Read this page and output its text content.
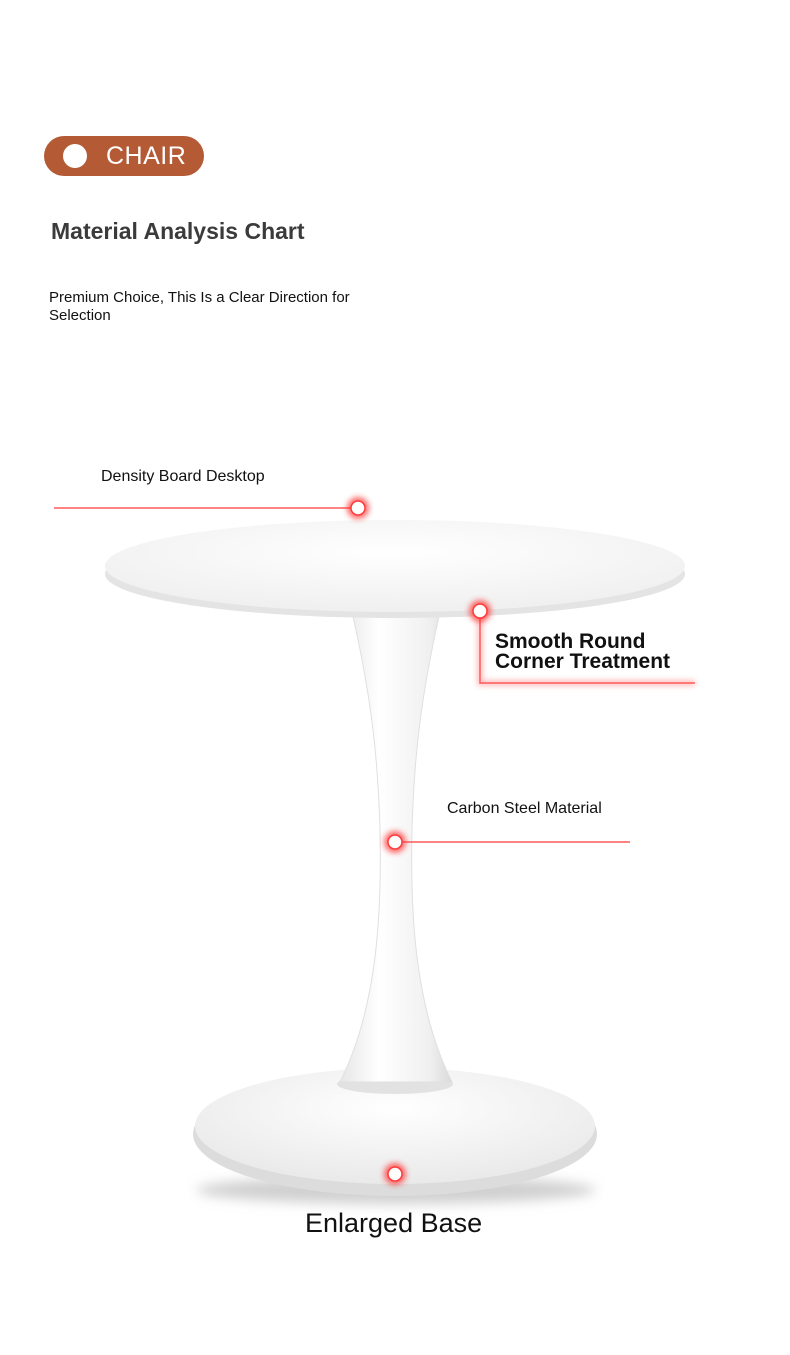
CHAIR
Material Analysis Chart
Premium Choice, This Is a Clear Direction for Selection
Density Board Desktop
Smooth Round
Corner Treatment
Carbon Steel Material
Enlarged Base
